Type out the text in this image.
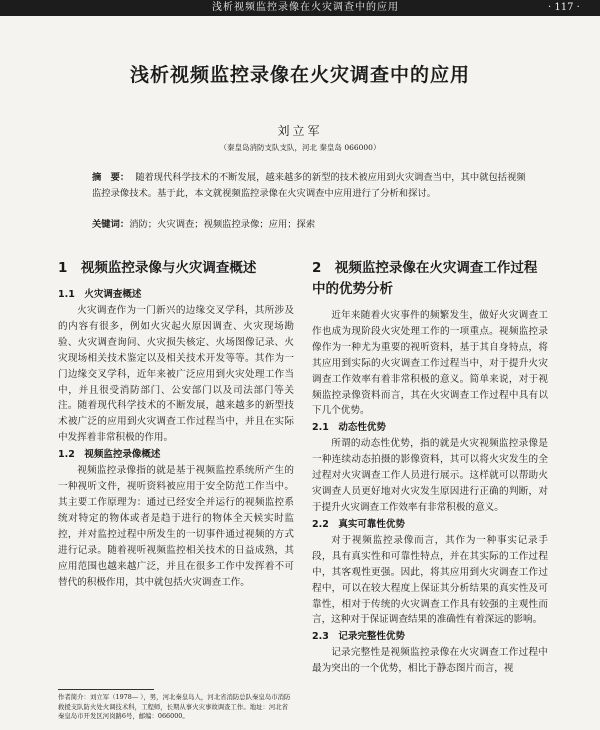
浅析视频监控录像在火灾调查中的应用	· 117 ·
浅析视频监控录像在火灾调查中的应用
刘立军
（秦皇岛消防支队支队，河北 秦皇岛 066000）
摘　要： 随着现代科学技术的不断发展，越来越多的新型的技术被应用到火灾调查当中，其中就包括视频监控录像技术。基于此，本文就视频监控录像在火灾调查中应用进行了分析和探讨。
关键词：消防；火灾调查；视频监控录像；应用；探索
1　视频监控录像与火灾调查概述
1.1　火灾调查概述

火灾调查作为一门新兴的边缘交叉学科，其所涉及的内容有很多，例如火灾起火原因调查、火灾现场勘验、火灾调查询问、火灾损失核定、火场图像记录、火灾现场相关技术鉴定以及相关技术开发等等。其作为一门边缘交叉学科，近年来被广泛应用到火灾处理工作当中，并且很受消防部门、公安部门以及司法部门等关注。随着现代科学技术的不断发展，越来越多的新型技术被广泛的应用到火灾调查工作过程当中，并且在实际中发挥着非常积极的作用。

1.2　视频监控录像概述

视频监控录像指的就是基于视频监控系统所产生的一种视听文件，视听资料被应用于安全防范工作当中。其主要工作原理为：通过已经安全并运行的视频监控系统对特定的物体或者是趋于进行的物体全天候实时监控，并对监控过程中所发生的一切事件通过视频的方式进行记录。随着视听视频监控相关技术的日益成熟，其应用范围也越来越广泛，并且在很多工作中发挥着不可替代的积极作用，其中就包括火灾调查工作。

2　视频监控录像在火灾调查工作过程中的优势分析

近年来随着火灾事件的频繁发生，做好火灾调查工作也成为现阶段火灾处理工作的一项重点。视频监控录像作为一种尤为重要的视听资料，基于其自身特点，将其应用到实际的火灾调查工作过程当中，对于提升火灾调查工作效率有着非常积极的意义。简单来说，对于视频监控录像资料而言，其在火灾调查工作过程中具有以下几个优势。

2.1　动态性优势

所谓的动态性优势，指的就是火灾视频监控录像是一种连续动态拍摄的影像资料，其可以将火灾发生的全过程对火灾调查工作人员进行展示。这样就可以帮助火灾调查人员更好地对火灾发生原因进行正确的判断，对于提升火灾调查工作效率有非常积极的意义。

2.2　真实可靠性优势

对于视频监控录像而言，其作为一种事实记录手段，具有真实性和可靠性特点，并在其实际的工作过程中，其客观性更强。因此，将其应用到火灾调查工作过程中，可以在较大程度上保证其分析结果的真实性及可靠性，相对于传统的火灾调查工作具有较强的主观性而言，这种对于保证调查结果的准确性有着深远的影响。

2.3　记录完整性优势

记录完整性是视频监控录像在火灾调查工作过程中最为突出的一个优势，相比于静态图片而言，视

作者简介：刘立军（1978— ），男，河北秦皇岛人，河北省消防总队秦皇岛市消防救援支队防火处火调技术科，工程师，长期从事火灾事故调查工作。地址：河北省秦皇岛市开发区河岗路6号，邮编：066000。
